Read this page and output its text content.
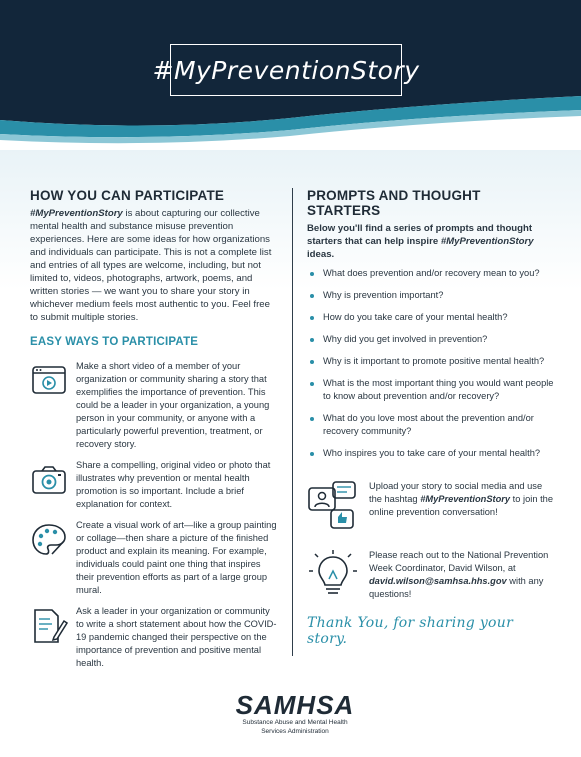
#MyPreventionStory
HOW YOU CAN PARTICIPATE

#MyPreventionStory is about capturing our collective mental health and substance misuse prevention experiences. Here are some ideas for how organizations and individuals can participate. This is not a complete list and entries of all types are welcome, including, but not limited to, videos, photographs, artwork, poems, and written stories — we want you to share your story in whichever medium feels most authentic to you. Feel free to submit multiple stories.

EASY WAYS TO PARTICIPATE

Make a short video of a member of your organization or community sharing a story that exemplifies the importance of prevention. This could be a leader in your organization, a young person in your community, or anyone with a particularly powerful prevention, treatment, or recovery story.

Share a compelling, original video or photo that illustrates why prevention or mental health promotion is so important. Include a brief explanation for context.

Create a visual work of art—like a group painting or collage—then share a picture of the finished product and explain its meaning. For example, individuals could paint one thing that inspires their prevention efforts as part of a large group mural.

Ask a leader in your organization or community to write a short statement about how the COVID-19 pandemic changed their perspective on the importance of prevention and positive mental health.

PROMPTS AND THOUGHT STARTERS

Below you'll find a series of prompts and thought starters that can help inspire #MyPreventionStory ideas.

What does prevention and/or recovery mean to you?
Why is prevention important?
How do you take care of your mental health?
Why did you get involved in prevention?
Why is it important to promote positive mental health?
What is the most important thing you would want people to know about prevention and/or recovery?
What do you love most about the prevention and/or recovery community?
Who inspires you to take care of your mental health?

Upload your story to social media and use the hashtag #MyPreventionStory to join the online prevention conversation!

Please reach out to the National Prevention Week Coordinator, David Wilson, at david.wilson@samhsa.hhs.gov with any questions!

Thank You, for sharing your story.
SAMHSA
Substance Abuse and Mental Health
Services Administration
